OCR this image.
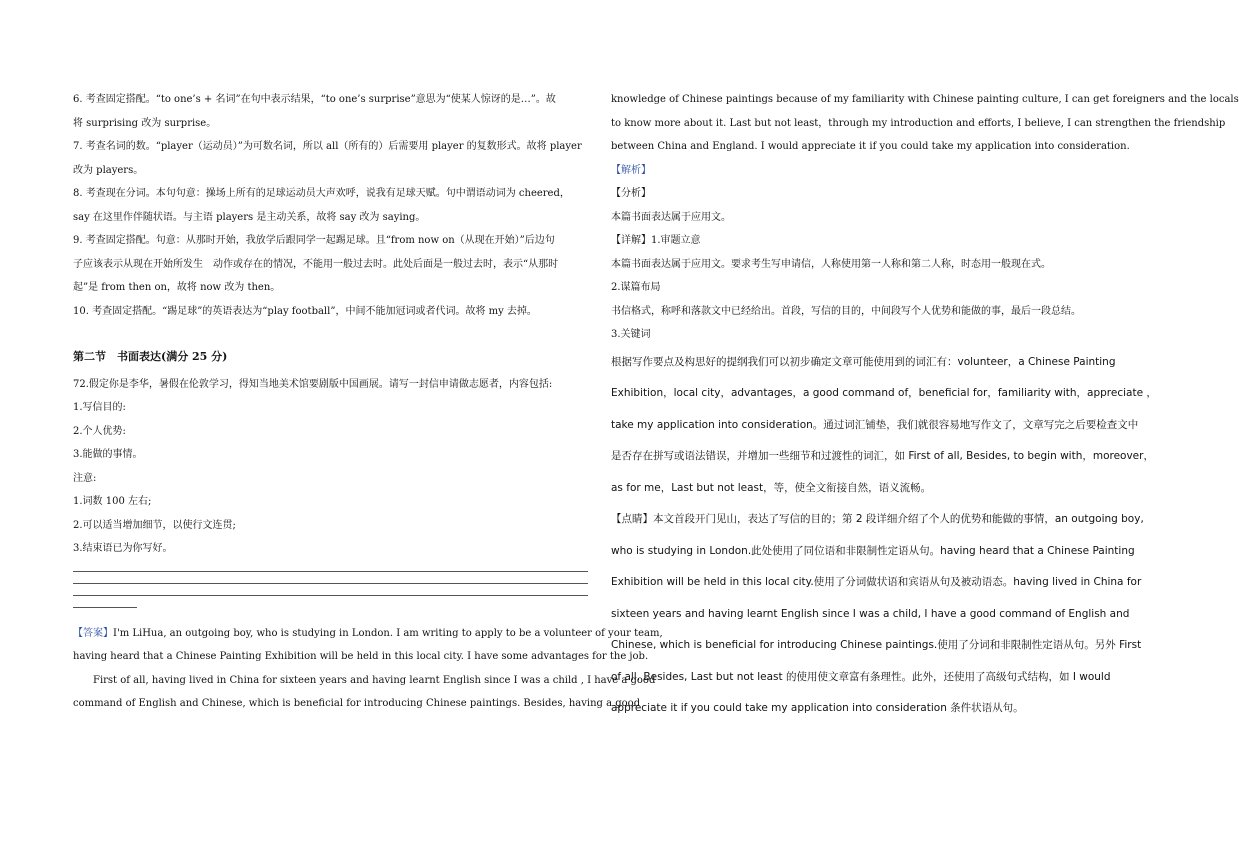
6. 考查固定搭配。“to one’s + 名词”在句中表示结果，“to one’s surprise”意思为“使某人惊讶的是…”。故
将 surprising 改为 surprise。
7. 考查名词的数。“player（运动员）”为可数名词，所以 all（所有的）后需要用 player 的复数形式。故将 player
改为 players。
8. 考查现在分词。本句句意：操场上所有的足球运动员大声欢呼，说我有足球天赋。句中谓语动词为 cheered，
say 在这里作伴随状语。与主语 players 是主动关系，故将 say 改为 saying。
9. 考查固定搭配。句意：从那时开始，我放学后跟同学一起踢足球。且“from now on（从现在开始）”后边句
子应该表示从现在开始所发生　动作或存在的情况，不能用一般过去时。此处后面是一般过去时，表示“从那时
起”是 from then on，故将 now 改为 then。
10. 考查固定搭配。“踢足球”的英语表达为“play football”，中间不能加冠词或者代词。故将 my 去掉。
第二节　书面表达(满分 25 分)
72.假定你是李华，暑假在伦敦学习，得知当地美术馆要剧版中国画展。请写一封信申请做志愿者，内容包括:
1.写信目的:
2.个人优势:
3.能做的事情。
注意:
1.词数 100 左右;
2.可以适当增加细节，以使行文连贯;
3.结束语已为你写好。
【答案】I'm LiHua, an outgoing boy, who is studying in London. I am writing to apply to be a volunteer of your team,
having heard that a Chinese Painting Exhibition will be held in this local city. I have some advantages for the job.
First of all, having lived in China for sixteen years and having learnt English since I was a child , I have a good
command of English and Chinese, which is beneficial for introducing Chinese paintings. Besides, having a good
knowledge of Chinese paintings because of my familiarity with Chinese painting culture, I can get foreigners and the locals
to know more about it. Last but not least，through my introduction and efforts, I believe, I can strengthen the friendship
between China and England. I would appreciate it if you could take my application into consideration.
【解析】
【分析】
本篇书面表达属于应用文。
【详解】1.审题立意
本篇书面表达属于应用文。要求考生写申请信，人称使用第一人称和第二人称，时态用一般现在式。
2.谋篇布局
书信格式，称呼和落款文中已经给出。首段，写信的目的，中间段写个人优势和能做的事，最后一段总结。
3.关键词
根据写作要点及构思好的提纲我们可以初步确定文章可能使用到的词汇有：volunteer，a Chinese Painting
Exhibition，local city，advantages，a good command of，beneficial for，familiarity with，appreciate ，
take my application into consideration。通过词汇铺垫，我们就很容易地写作文了，文章写完之后要检查文中
是否存在拼写或语法错误，并增加一些细节和过渡性的词汇，如 First of all, Besides, to begin with，moreover，
as for me，Last but not least，等，使全文衔接自然，语义流畅。
【点睛】本文首段开门见山，表达了写信的目的；第 2 段详细介绍了个人的优势和能做的事情，an outgoing boy,
who is studying in London.此处使用了同位语和非限制性定语从句。having heard that a Chinese Painting
Exhibition will be held in this local city.使用了分词做状语和宾语从句及被动语态。having lived in China for
sixteen years and having learnt English since I was a child, I have a good command of English and
Chinese, which is beneficial for introducing Chinese paintings.使用了分词和非限制性定语从句。另外 First
of all, Besides, Last but not least 的使用使文章富有条理性。此外，还使用了高级句式结构，如 I would
appreciate it if you could take my application into consideration 条件状语从句。
